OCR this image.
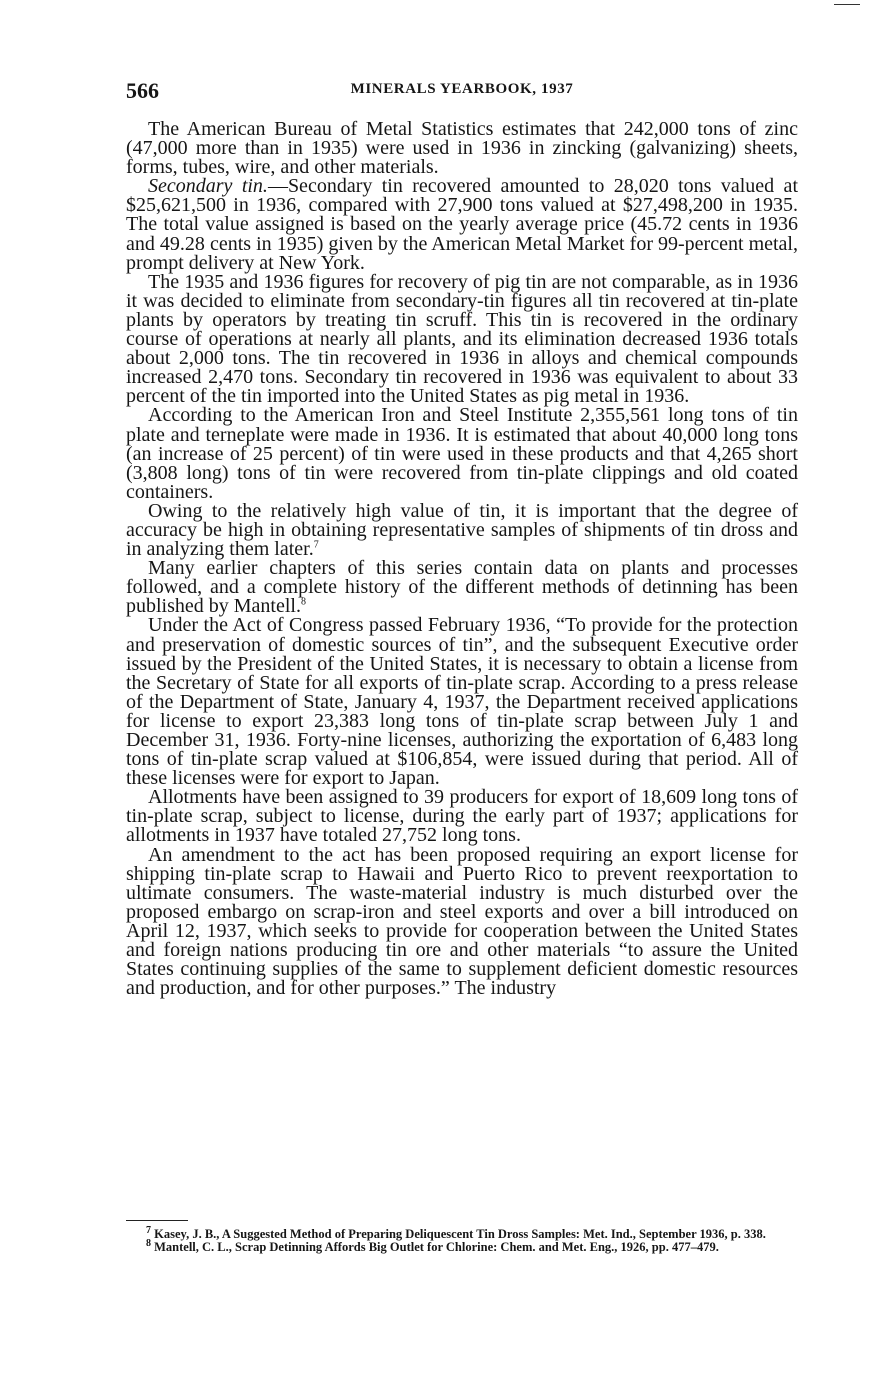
566	MINERALS YEARBOOK, 1937

The American Bureau of Metal Statistics estimates that 242,000 tons of zinc (47,000 more than in 1935) were used in 1936 in zincking (galvanizing) sheets, forms, tubes, wire, and other materials.

Secondary tin.—Secondary tin recovered amounted to 28,020 tons valued at $25,621,500 in 1936, compared with 27,900 tons valued at $27,498,200 in 1935. The total value assigned is based on the yearly average price (45.72 cents in 1936 and 49.28 cents in 1935) given by the American Metal Market for 99-percent metal, prompt delivery at New York.

The 1935 and 1936 figures for recovery of pig tin are not comparable, as in 1936 it was decided to eliminate from secondary-tin figures all tin recovered at tin-plate plants by operators by treating tin scruff. This tin is recovered in the ordinary course of operations at nearly all plants, and its elimination decreased 1936 totals about 2,000 tons. The tin recovered in 1936 in alloys and chemical compounds increased 2,470 tons. Secondary tin recovered in 1936 was equivalent to about 33 percent of the tin imported into the United States as pig metal in 1936.

According to the American Iron and Steel Institute 2,355,561 long tons of tin plate and terneplate were made in 1936. It is estimated that about 40,000 long tons (an increase of 25 percent) of tin were used in these products and that 4,265 short (3,808 long) tons of tin were recovered from tin-plate clippings and old coated containers.

Owing to the relatively high value of tin, it is important that the degree of accuracy be high in obtaining representative samples of shipments of tin dross and in analyzing them later.$^7$

Many earlier chapters of this series contain data on plants and processes followed, and a complete history of the different methods of detinning has been published by Mantell.$^8$

Under the Act of Congress passed February 1936, “To provide for the protection and preservation of domestic sources of tin”, and the subsequent Executive order issued by the President of the United States, it is necessary to obtain a license from the Secretary of State for all exports of tin-plate scrap. According to a press release of the Department of State, January 4, 1937, the Department received applications for license to export 23,383 long tons of tin-plate scrap between July 1 and December 31, 1936. Forty-nine licenses, authorizing the exportation of 6,483 long tons of tin-plate scrap valued at $106,854, were issued during that period. All of these licenses were for export to Japan.

Allotments have been assigned to 39 producers for export of 18,609 long tons of tin-plate scrap, subject to license, during the early part of 1937; applications for allotments in 1937 have totaled 27,752 long tons.

An amendment to the act has been proposed requiring an export license for shipping tin-plate scrap to Hawaii and Puerto Rico to prevent reexportation to ultimate consumers. The waste-material industry is much disturbed over the proposed embargo on scrap-iron and steel exports and over a bill introduced on April 12, 1937, which seeks to provide for cooperation between the United States and foreign nations producing tin ore and other materials “to assure the United States continuing supplies of the same to supplement deficient domestic resources and production, and for other purposes.” The industry

$^7$ Kasey, J. B., A Suggested Method of Preparing Deliquescent Tin Dross Samples: Met. Ind., September 1936, p. 338.

$^8$ Mantell, C. L., Scrap Detinning Affords Big Outlet for Chlorine: Chem. and Met. Eng., 1926, pp. 477–479.
